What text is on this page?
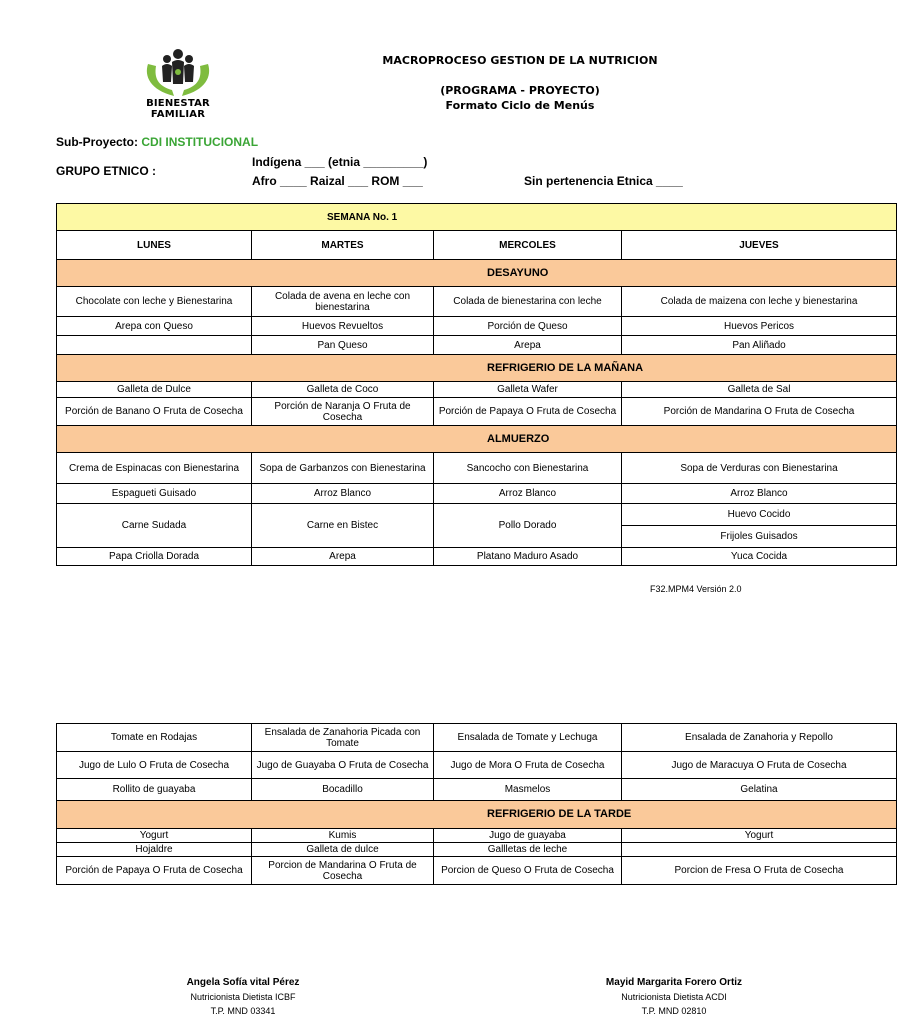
BIENESTAR
FAMILIAR
MACROPROCESO GESTION DE LA NUTRICION
(PROGRAMA - PROYECTO)
Formato Ciclo de Menús
Sub-Proyecto: CDI INSTITUCIONAL
GRUPO ETNICO :
Indígena ___ (etnia _________)
Afro ____ Raizal ___ ROM ___	Sin pertenencia Etnica ____
SEMANA No. 1			
LUNES	MARTES	MERCOLES	JUEVES
DESAYUNO			
Chocolate con leche y Bienestarina	Colada de avena en leche con bienestarina	Colada de bienestarina con leche	Colada de maizena con leche y bienestarina
Arepa con Queso	Huevos Revueltos	Porción de Queso	Huevos Pericos
	Pan Queso	Arepa	Pan Aliñado
REFRIGERIO DE LA MAÑANA			
Galleta de Dulce	Galleta de Coco	Galleta Wafer	Galleta de Sal
Porción de Banano O Fruta de Cosecha	Porción de Naranja O Fruta de Cosecha	Porción de Papaya O Fruta de Cosecha	Porción de Mandarina O Fruta de Cosecha
ALMUERZO			
Crema de Espinacas con Bienestarina	Sopa de Garbanzos con Bienestarina	Sancocho con Bienestarina	Sopa de Verduras con Bienestarina
Espagueti Guisado	Arroz Blanco	Arroz Blanco	Arroz Blanco
Carne Sudada	Carne en Bistec	Pollo Dorado	Huevo Cocido
			Frijoles Guisados
Papa Criolla Dorada	Arepa	Platano Maduro Asado	Yuca Cocida
F32.MPM4 Versión 2.0
Tomate en Rodajas	Ensalada de Zanahoria Picada con Tomate	Ensalada de Tomate y Lechuga	Ensalada de Zanahoria y Repollo
Jugo de Lulo O Fruta de Cosecha	Jugo de Guayaba O Fruta de Cosecha	Jugo de Mora O Fruta de Cosecha	Jugo de Maracuya O Fruta de Cosecha
Rollito de guayaba	Bocadillo	Masmelos	Gelatina
REFRIGERIO DE LA TARDE			
Yogurt	Kumis	Jugo de guayaba	Yogurt
Hojaldre	Galleta de dulce	Gallletas de leche	
Porción de Papaya O Fruta de Cosecha	Porcion de Mandarina O Fruta de Cosecha	Porcion de Queso O Fruta de Cosecha	Porcion de Fresa O Fruta de Cosecha
Angela Sofía vital Pérez
Nutricionista Dietista ICBF
T.P. MND 03341
Mayid Margarita Forero Ortiz
Nutricionista Dietista ACDI
T.P. MND 02810
